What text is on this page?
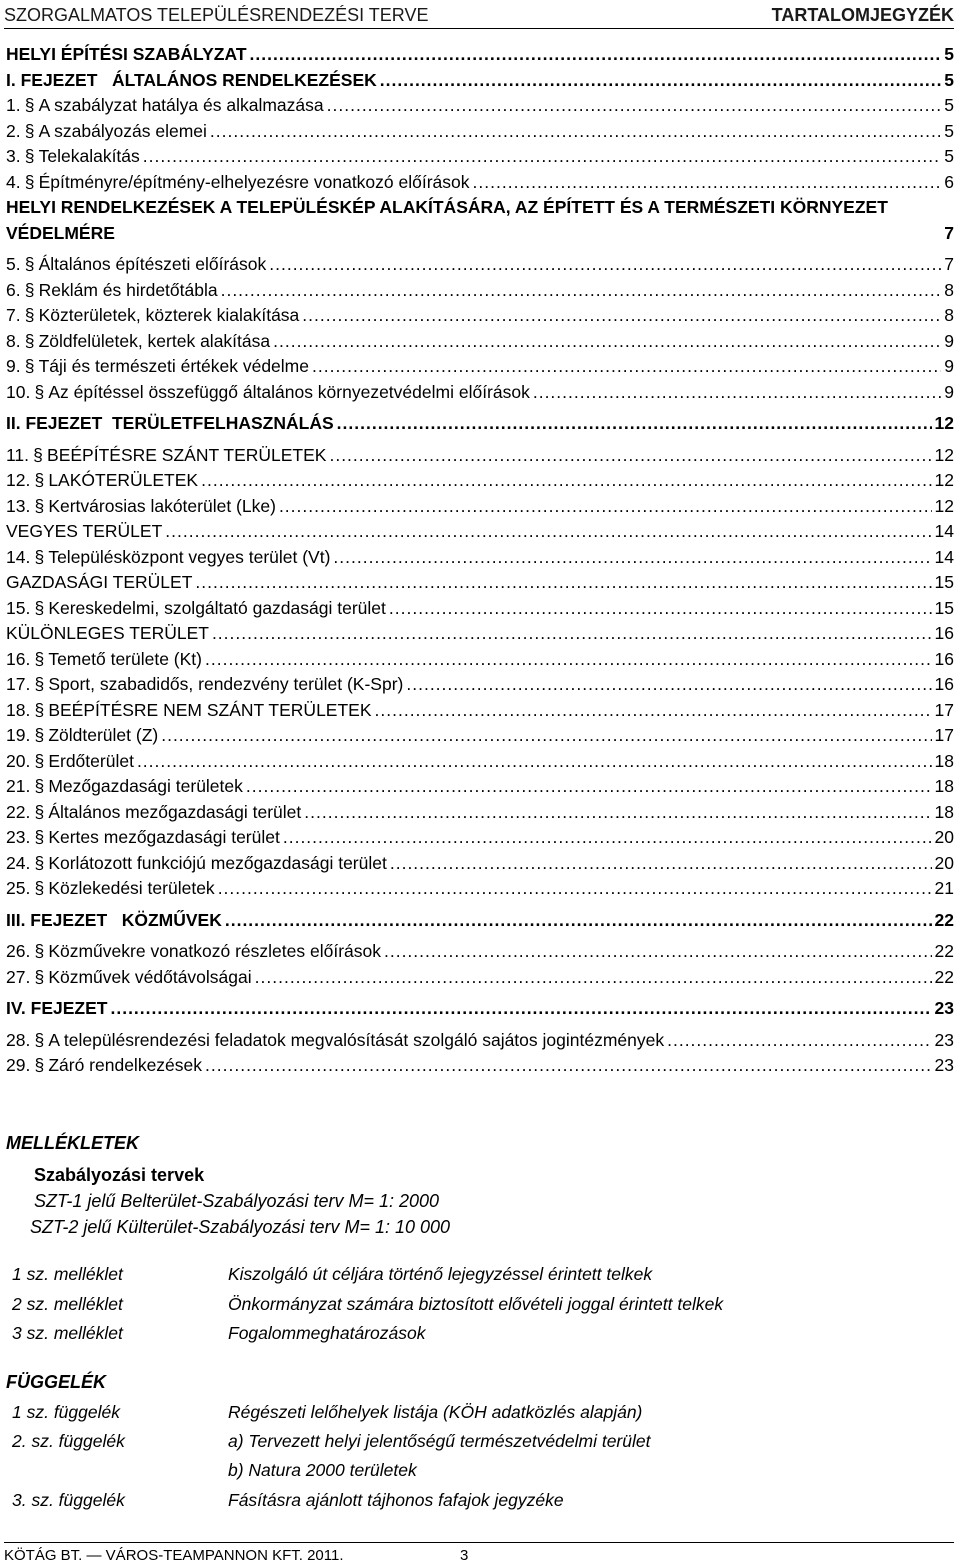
SZORGALMATOS TELEPÜLÉSRENDEZÉSI TERVE	TARTALOMJEGYZÉK
HELYI ÉPÍTÉSI SZABÁLYZAT .....	5
I. FEJEZET   ÁLTALÁNOS RENDELKEZÉSEK .....	5
1. § A szabályzat hatálya és alkalmazása .....	5
2. § A szabályozás elemei .....	5
3. § Telekalakítás .....	5
4. § Építményre/építmény-elhelyezésre vonatkozó előírások .....	6
HELYI RENDELKEZÉSEK A TELEPÜLÉSKÉP ALAKÍTÁSÁRA, AZ ÉPÍTETT ÉS A TERMÉSZETI KÖRNYEZET
VÉDELMÉRE	7
5. § Általános építészeti előírások .....	7
6. § Reklám és hirdetőtábla .....	8
7. § Közterületek, közterek kialakítása .....	8
8. § Zöldfelületek, kertek alakítása .....	9
9. § Táji és természeti értékek védelme .....	9
10. § Az építéssel összefüggő általános környezetvédelmi előírások .....	9
II. FEJEZET  TERÜLETFELHASZNÁLÁS .....	12
11. § BEÉPÍTÉSRE SZÁNT TERÜLETEK .....	12
12. § LAKÓTERÜLETEK .....	12
13. § Kertvárosias lakóterület (Lke) .....	12
VEGYES TERÜLET .....	14
14. § Településközpont vegyes terület (Vt) .....	14
GAZDASÁGI TERÜLET .....	15
15. § Kereskedelmi, szolgáltató gazdasági terület .....	15
KÜLÖNLEGES TERÜLET .....	16
16. § Temető területe (Kt) .....	16
17. § Sport, szabadidős, rendezvény terület (K-Spr) .....	16
18. § BEÉPÍTÉSRE NEM SZÁNT TERÜLETEK .....	17
19. § Zöldterület (Z) .....	17
20. § Erdőterület .....	18
21. § Mezőgazdasági területek .....	18
22. § Általános mezőgazdasági terület .....	18
23. § Kertes mezőgazdasági terület .....	20
24. § Korlátozott funkciójú mezőgazdasági terület .....	20
25. § Közlekedési területek .....	21
III. FEJEZET   KÖZMŰVEK .....	22
26. § Közművekre vonatkozó részletes előírások .....	22
27. § Közművek védőtávolságai .....	22
IV. FEJEZET .....	23
28. § A településrendezési feladatok megvalósítását szolgáló sajátos jogintézmények .....	23
29. § Záró rendelkezések .....	23
MELLÉKLETEK
Szabályozási tervek
SZT-1 jelű Belterület-Szabályozási terv M= 1: 2000
SZT-2 jelű Külterület-Szabályozási terv M= 1: 10 000
1 sz. melléklet	Kiszolgáló út céljára történő lejegyzéssel érintett telkek
2 sz. melléklet	Önkormányzat számára biztosított elővételi joggal érintett telkek
3 sz. melléklet	Fogalommeghatározások
FÜGGELÉK
1 sz. függelék	Régészeti lelőhelyek listája (KÖH adatközlés alapján)
2. sz. függelék	a) Tervezett helyi jelentőségű természetvédelmi terület
b) Natura 2000 területek
3. sz. függelék	Fásításra ajánlott tájhonos fafajok jegyzéke
KÖTÁG BT. — VÁROS-TEAMPANNON KFT. 2011.	3
